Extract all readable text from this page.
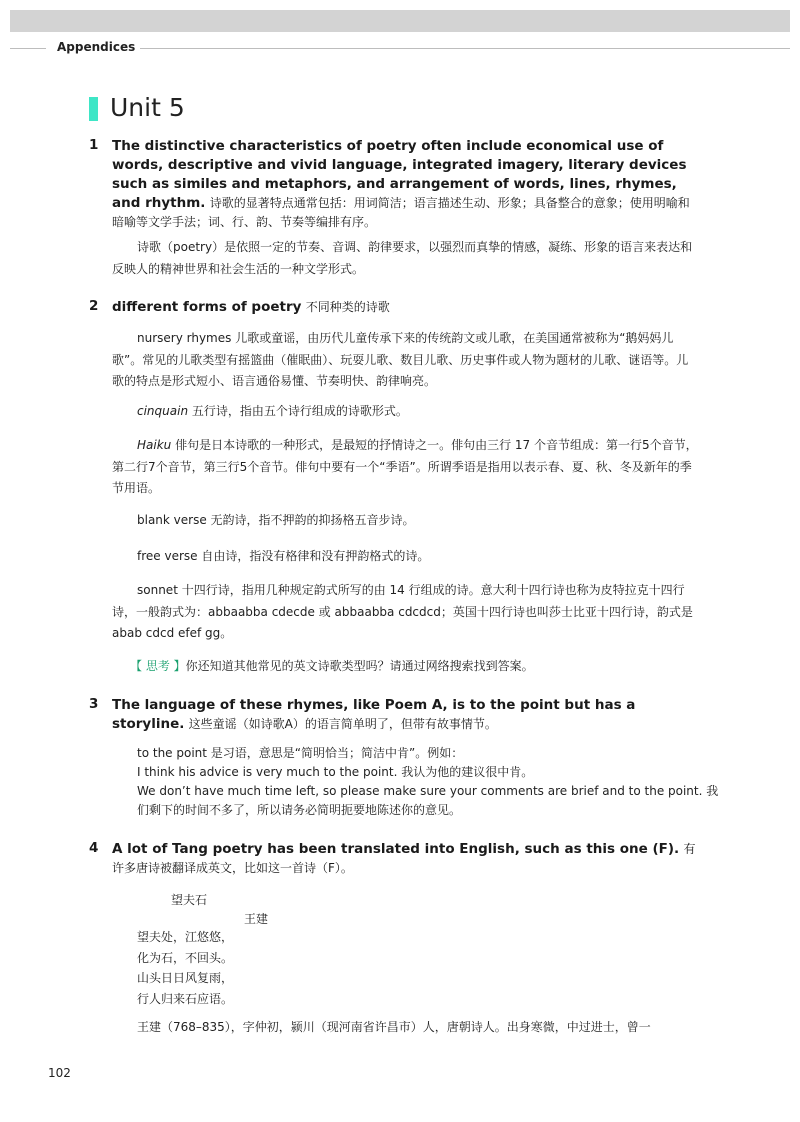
Appendices
Unit 5
1 The distinctive characteristics of poetry often include economical use of words, descriptive and vivid language, integrated imagery, literary devices such as similes and metaphors, and arrangement of words, lines, rhymes, and rhythm. 诗歌的显著特点通常包括：用词简洁；语言描述生动、形象；具备整合的意象；使用明喻和暗喻等文学手法；词、行、韵、节奏等编排有序。
诗歌（poetry）是依照一定的节奏、音调、韵律要求，以强烈而真挚的情感，凝练、形象的语言来表达和反映人的精神世界和社会生活的一种文学形式。
2 different forms of poetry 不同种类的诗歌
nursery rhymes 儿歌或童谣，由历代儿童传承下来的传统韵文或儿歌，在美国通常被称为“鹅妈妈儿歌”。常见的儿歌类型有摇篮曲（催眠曲）、玩耍儿歌、数目儿歌、历史事件或人物为题材的儿歌、谜语等。儿歌的特点是形式短小、语言通俗易懂、节奏明快、韵律响亮。
cinquain 五行诗，指由五个诗行组成的诗歌形式。
Haiku 俳句是日本诗歌的一种形式，是最短的抒情诗之一。俳句由三行 17 个音节组成：第一行5个音节，第二行7个音节，第三行5个音节。俳句中要有一个“季语”。所谓季语是指用以表示春、夏、秋、冬及新年的季节用语。
blank verse 无韵诗，指不押韵的抑扬格五音步诗。
free verse 自由诗，指没有格律和没有押韵格式的诗。
sonnet 十四行诗，指用几种规定韵式所写的由 14 行组成的诗。意大利十四行诗也称为皮特拉克十四行诗，一般韵式为：abbaabba cdecde 或 abbaabba cdcdcd；英国十四行诗也叫莎士比亚十四行诗，韵式是 abab cdcd efef gg。
【 思考 】你还知道其他常见的英文诗歌类型吗？请通过网络搜索找到答案。
3 The language of these rhymes, like Poem A, is to the point but has a storyline. 这些童谣（如诗歌A）的语言简单明了，但带有故事情节。
to the point 是习语，意思是“简明恰当；简洁中肯”。例如：
I think his advice is very much to the point. 我认为他的建议很中肯。
We don’t have much time left, so please make sure your comments are brief and to the point. 我们剩下的时间不多了，所以请务必简明扼要地陈述你的意见。
4 A lot of Tang poetry has been translated into English, such as this one (F). 有许多唐诗被翻译成英文，比如这一首诗（F）。
望夫石
王建
望夫处，江悠悠，
化为石，不回头。
山头日日风复雨，
行人归来石应语。
王建（768–835），字仲初，颍川（现河南省许昌市）人，唐朝诗人。出身寒微，中过进士，曾一
102
